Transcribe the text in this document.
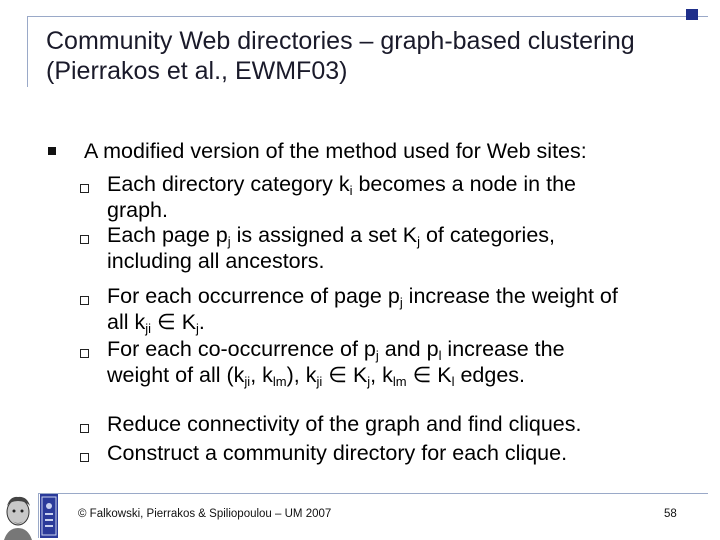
Community Web directories – graph-based clustering (Pierrakos et al., EWMF03)
A modified version of the method used for Web sites:
Each directory category $k_i$ becomes a node in the
graph.
Each page $p_j$ is assigned a set $K_j$ of categories,
including all ancestors.
For each occurrence of page $p_j$ increase the weight of
all $k_{ji}$ ∈ $K_j$.
For each co-occurrence of $p_j$ and $p_l$ increase the
weight of all ($k_{ji}$, $k_{lm}$), $k_{ji}$ ∈ $K_j$, $k_{lm}$ ∈ $K_l$ edges.
Reduce connectivity of the graph and find cliques.
Construct a community directory for each clique.
© Falkowski, Pierrakos & Spiliopoulou – UM 2007	58
